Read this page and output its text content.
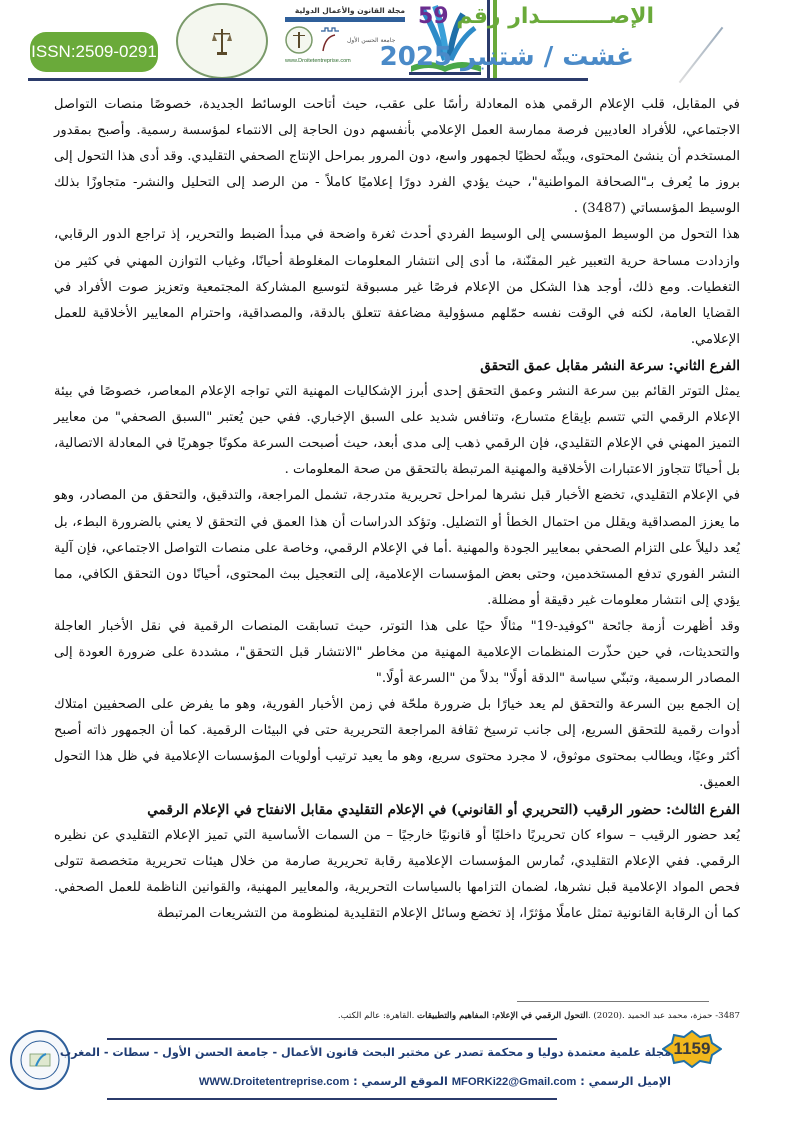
ISSN:2509-0291
مجلة القانون والأعمال الدولية
جامعة الحسن الأول
www.Droitetentreprise.com
الإصـــــــــدار رقم 59
غشت / شتنبر 2025

في المقابل، قلب الإعلام الرقمي هذه المعادلة رأسًا على عقب، حيث أتاحت الوسائط الجديدة، خصوصًا منصات التواصل الاجتماعي، للأفراد العاديين فرصة ممارسة العمل الإعلامي بأنفسهم دون الحاجة إلى الانتماء لمؤسسة رسمية. وأصبح بمقدور المستخدم أن ينشئ المحتوى، ويبثّه لحظيًا لجمهور واسع، دون المرور بمراحل الإنتاج الصحفي التقليدي. وقد أدى هذا التحول إلى بروز ما يُعرف بـ"الصحافة المواطنية"، حيث يؤدي الفرد دورًا إعلاميًا كاملاً - من الرصد إلى التحليل والنشر- متجاوزًا بذلك الوسيط المؤسساتي (3487) .

هذا التحول من الوسيط المؤسسي إلى الوسيط الفردي أحدث ثغرة واضحة في مبدأ الضبط والتحرير، إذ تراجع الدور الرقابي، وازدادت مساحة حرية التعبير غير المقنّنة، ما أدى إلى انتشار المعلومات المغلوطة أحيانًا، وغياب التوازن المهني في كثير من التغطيات. ومع ذلك، أوجد هذا الشكل من الإعلام فرصًا غير مسبوقة لتوسيع المشاركة المجتمعية وتعزيز صوت الأفراد في القضايا العامة، لكنه في الوقت نفسه حمّلهم مسؤولية مضاعفة تتعلق بالدقة، والمصداقية، واحترام المعايير الأخلاقية للعمل الإعلامي.

الفرع الثاني: سرعة النشر مقابل عمق التحقق

يمثل التوتر القائم بين سرعة النشر وعمق التحقق إحدى أبرز الإشكاليات المهنية التي تواجه الإعلام المعاصر، خصوصًا في بيئة الإعلام الرقمي التي تتسم بإيقاع متسارع، وتنافس شديد على السبق الإخباري. ففي حين يُعتبر "السبق الصحفي" من معايير التميز المهني في الإعلام التقليدي، فإن الرقمي ذهب إلى مدى أبعد، حيث أصبحت السرعة مكونًا جوهريًا في المعادلة الاتصالية، بل أحيانًا تتجاوز الاعتبارات الأخلاقية والمهنية المرتبطة بالتحقق من صحة المعلومات .

في الإعلام التقليدي، تخضع الأخبار قبل نشرها لمراحل تحريرية متدرجة، تشمل المراجعة، والتدقيق، والتحقق من المصادر، وهو ما يعزز المصداقية ويقلل من احتمال الخطأ أو التضليل. وتؤكد الدراسات أن هذا العمق في التحقق لا يعني بالضرورة البطء، بل يُعد دليلاً على التزام الصحفي بمعايير الجودة والمهنية .أما في الإعلام الرقمي، وخاصة على منصات التواصل الاجتماعي، فإن آلية النشر الفوري تدفع المستخدمين، وحتى بعض المؤسسات الإعلامية، إلى التعجيل ببث المحتوى، أحيانًا دون التحقق الكافي، مما يؤدي إلى انتشار معلومات غير دقيقة أو مضللة.

وقد أظهرت أزمة جائحة "كوفيد-19" مثالًا حيًا على هذا التوتر، حيث تسابقت المنصات الرقمية في نقل الأخبار العاجلة والتحديثات، في حين حذّرت المنظمات الإعلامية المهنية من مخاطر "الانتشار قبل التحقق"، مشددة على ضرورة العودة إلى المصادر الرسمية، وتبنّي سياسة "الدقة أولًا" بدلاً من "السرعة أولًا."

إن الجمع بين السرعة والتحقق لم يعد خيارًا بل ضرورة ملحّة في زمن الأخبار الفورية، وهو ما يفرض على الصحفيين امتلاك أدوات رقمية للتحقق السريع، إلى جانب ترسيخ ثقافة المراجعة التحريرية حتى في البيئات الرقمية. كما أن الجمهور ذاته أصبح أكثر وعيًا، ويطالب بمحتوى موثوق، لا مجرد محتوى سريع، وهو ما يعيد ترتيب أولويات المؤسسات الإعلامية في ظل هذا التحول العميق.

الفرع الثالث: حضور الرقيب (التحريري أو القانوني) في الإعلام التقليدي مقابل الانفتاح في الإعلام الرقمي

يُعد حضور الرقيب – سواء كان تحريريًا داخليًا أو قانونيًا خارجيًا – من السمات الأساسية التي تميز الإعلام التقليدي عن نظيره الرقمي. ففي الإعلام التقليدي، تُمارس المؤسسات الإعلامية رقابة تحريرية صارمة من خلال هيئات تحريرية متخصصة تتولى فحص المواد الإعلامية قبل نشرها، لضمان التزامها بالسياسات التحريرية، والمعايير المهنية، والقوانين الناظمة للعمل الصحفي. كما أن الرقابة القانونية تمثل عاملًا مؤثرًا، إذ تخضع وسائل الإعلام التقليدية لمنظومة من التشريعات المرتبطة

3487- حمزة، محمد عبد الحميد .(2020) .التحول الرقمي في الإعلام: المفاهيم والتطبيقات .القاهرة: عالم الكتب.
1159
مجلة علمية معتمدة دوليا و محكمة تصدر عن مختبر البحث قانون الأعمال - جامعة الحسن الأول - سطات - المغرب
الإميل الرسمي : MFORKi22@Gmail.com الموقع الرسمي : WWW.Droitetentreprise.com
